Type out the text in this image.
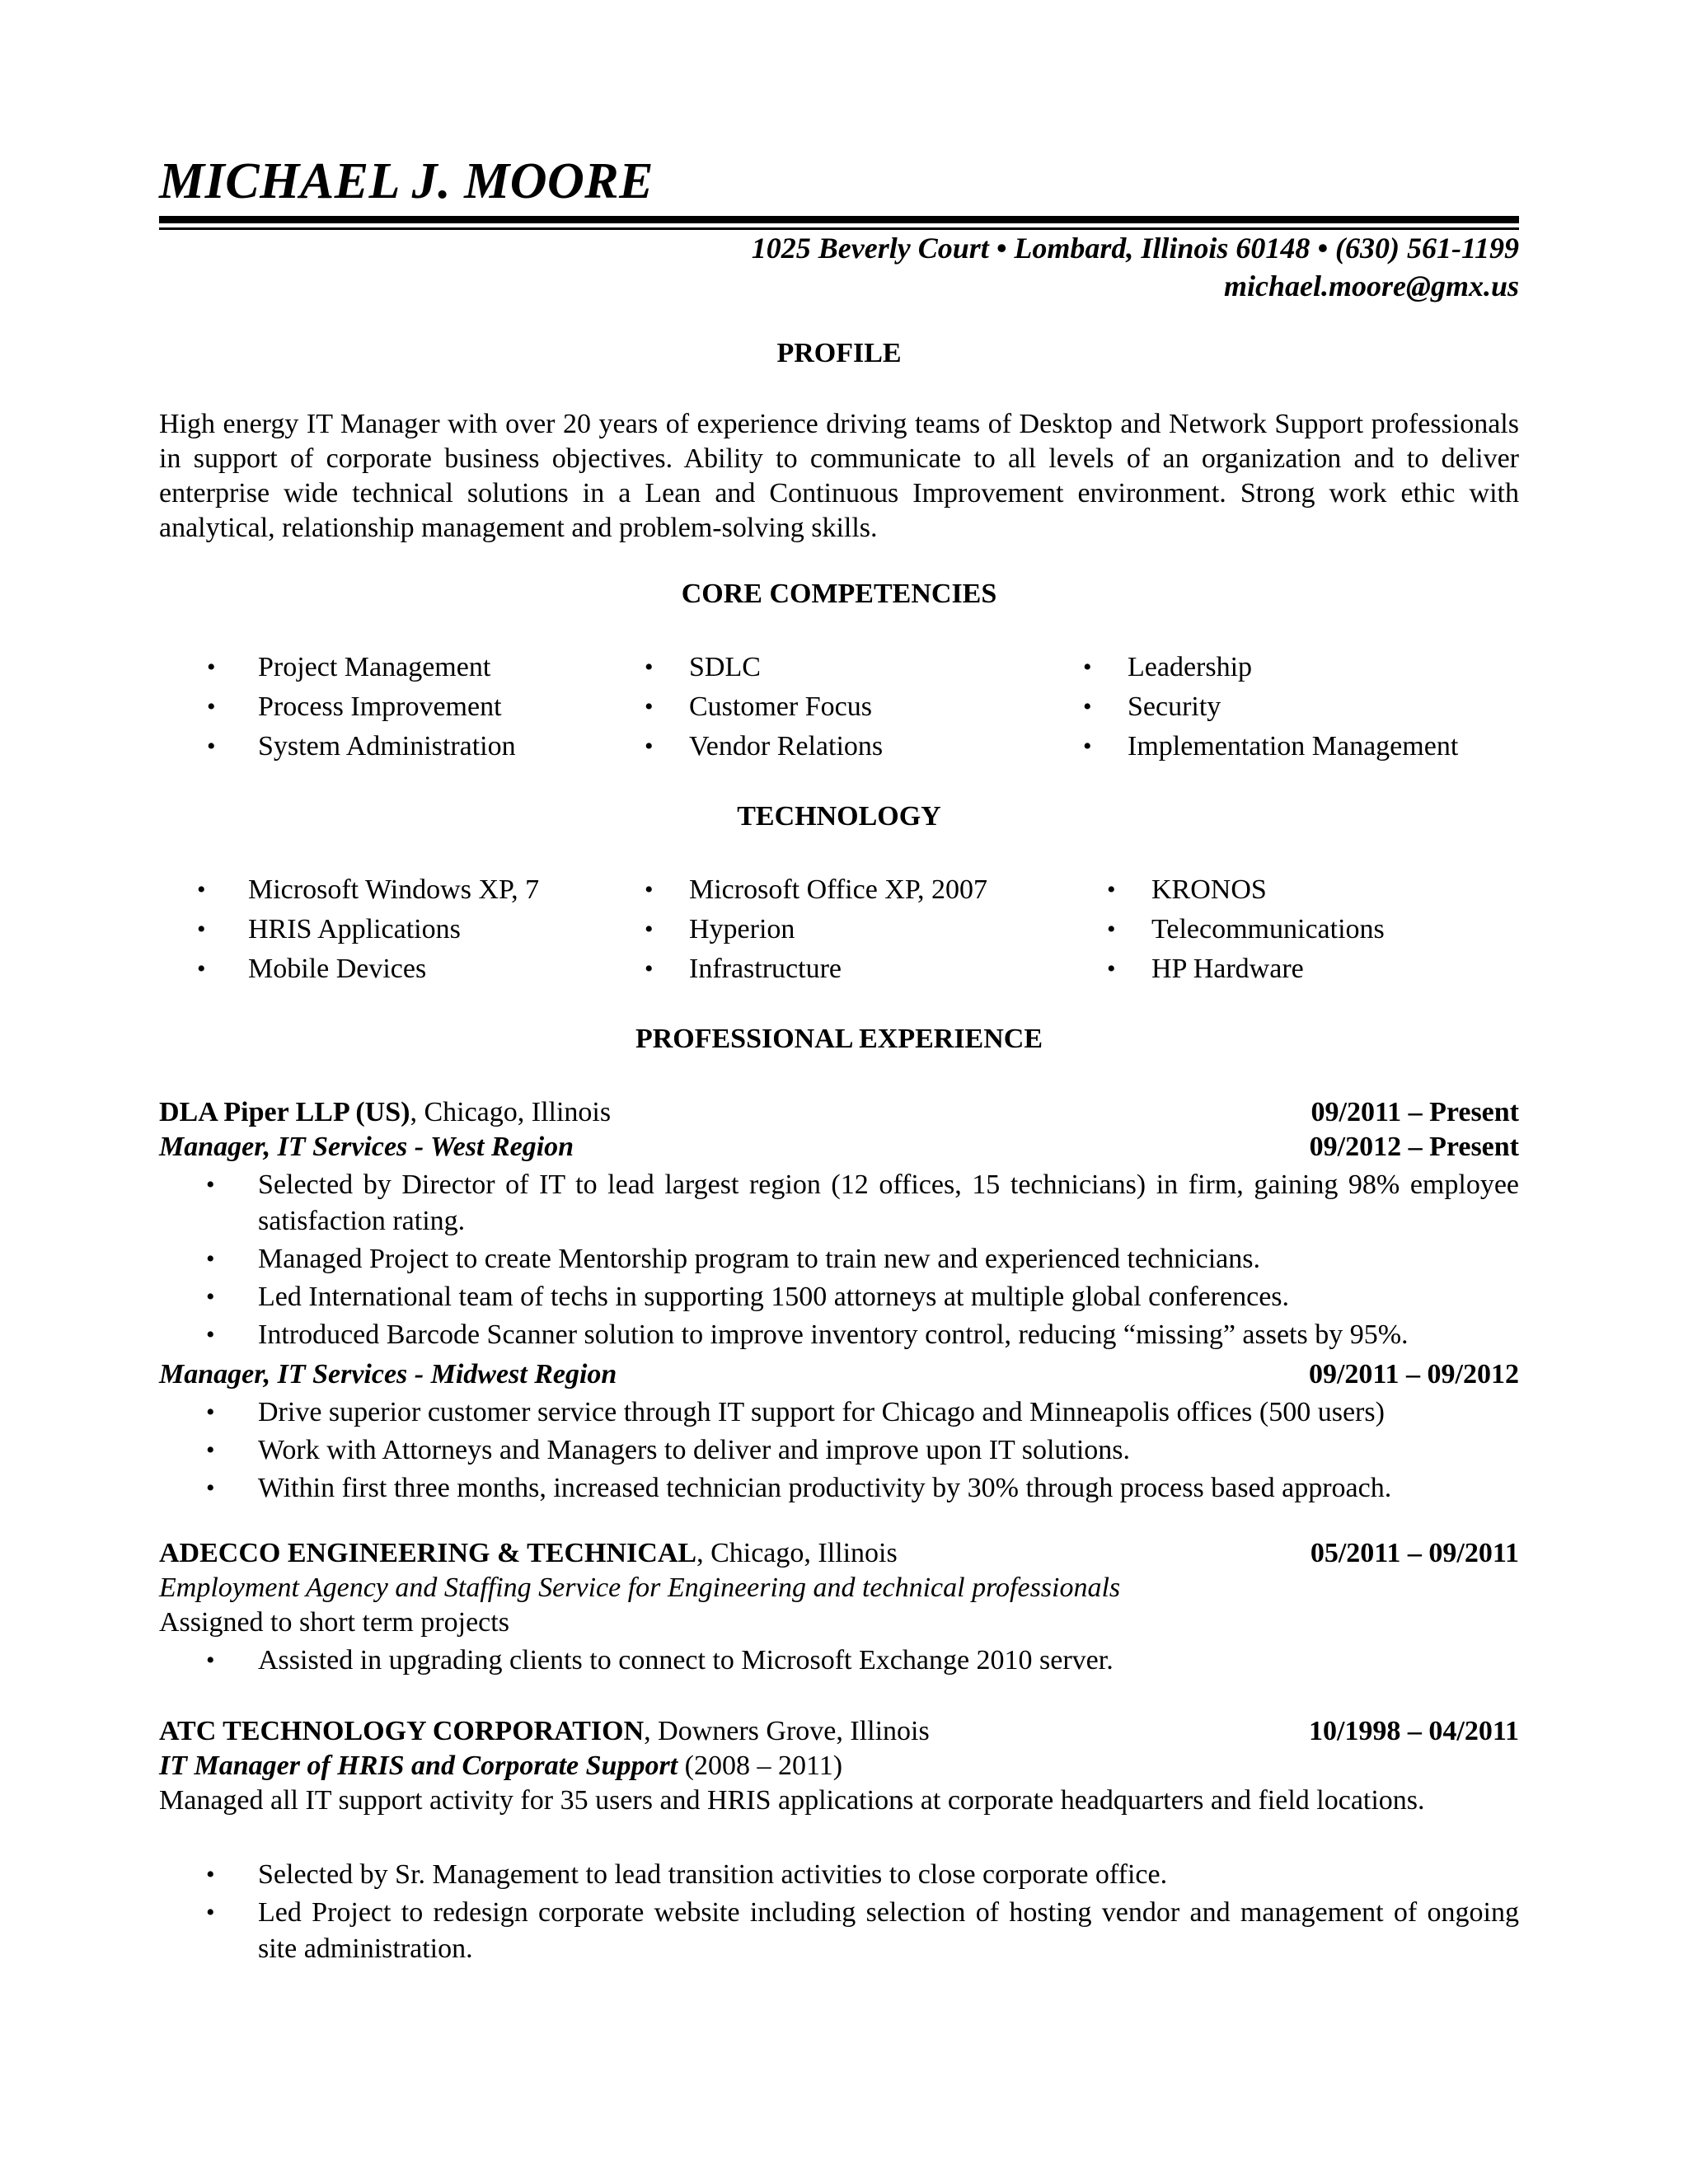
MICHAEL J. MOORE
1025 Beverly Court • Lombard, Illinois 60148 • (630) 561-1199
michael.moore@gmx.us
PROFILE

High energy IT Manager with over 20 years of experience driving teams of Desktop and Network Support professionals in support of corporate business objectives. Ability to communicate to all levels of an organization and to deliver enterprise wide technical solutions in a Lean and Continuous Improvement environment. Strong work ethic with analytical, relationship management and problem-solving skills.

CORE COMPETENCIES
• Project Management
• Process Improvement
• System Administration
• SDLC
• Customer Focus
• Vendor Relations
• Leadership
• Security
• Implementation Management
TECHNOLOGY
• Microsoft Windows XP, 7
• HRIS Applications
• Mobile Devices
• Microsoft Office XP, 2007
• Hyperion
• Infrastructure
• KRONOS
• Telecommunications
• HP Hardware
PROFESSIONAL EXPERIENCE
DLA Piper LLP (US), Chicago, Illinois	09/2011 – Present
Manager, IT Services - West Region	09/2012 – Present
• Selected by Director of IT to lead largest region (12 offices, 15 technicians) in firm, gaining 98% employee satisfaction rating.
• Managed Project to create Mentorship program to train new and experienced technicians.
• Led International team of techs in supporting 1500 attorneys at multiple global conferences.
• Introduced Barcode Scanner solution to improve inventory control, reducing “missing” assets by 95%.
Manager, IT Services - Midwest Region	09/2011 – 09/2012
• Drive superior customer service through IT support for Chicago and Minneapolis offices (500 users)
• Work with Attorneys and Managers to deliver and improve upon IT solutions.
• Within first three months, increased technician productivity by 30% through process based approach.
ADECCO ENGINEERING & TECHNICAL, Chicago, Illinois	05/2011 – 09/2011
Employment Agency and Staffing Service for Engineering and technical professionals
Assigned to short term projects
• Assisted in upgrading clients to connect to Microsoft Exchange 2010 server.
ATC TECHNOLOGY CORPORATION, Downers Grove, Illinois	10/1998 – 04/2011
IT Manager of HRIS and Corporate Support (2008 – 2011)

Managed all IT support activity for 35 users and HRIS applications at corporate headquarters and field locations.

• Selected by Sr. Management to lead transition activities to close corporate office.
• Led Project to redesign corporate website including selection of hosting vendor and management of ongoing site administration.
